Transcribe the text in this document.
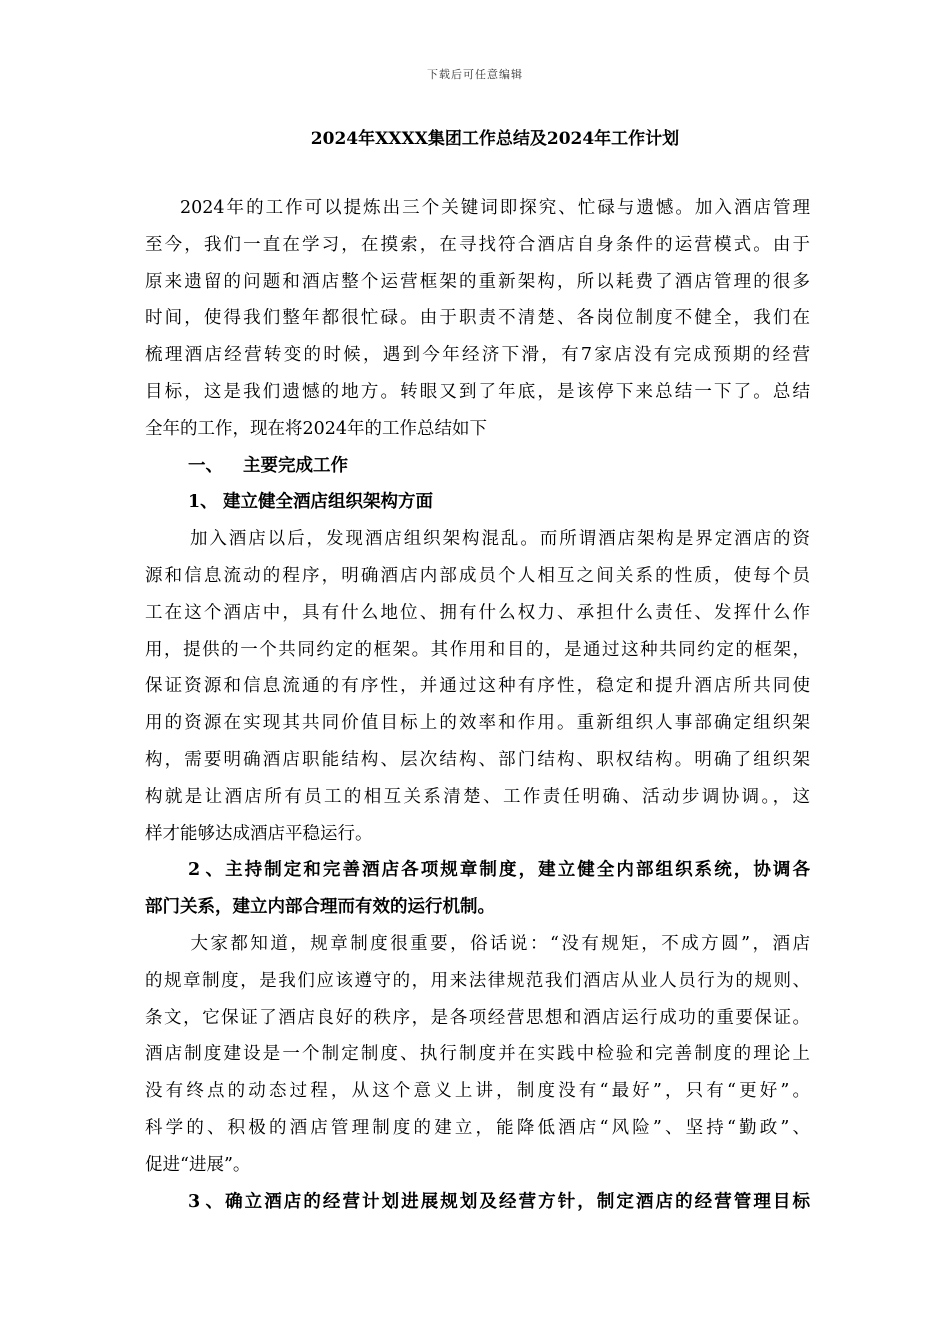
下载后可任意编辑
2024年XXXX集团工作总结及2024年工作计划
2024年的工作可以提炼出三个关键词即探究、忙碌与遗憾。加入酒店管理
至今，我们一直在学习，在摸索，在寻找符合酒店自身条件的运营模式。由于
原来遗留的问题和酒店整个运营框架的重新架构，所以耗费了酒店管理的很多
时间，使得我们整年都很忙碌。由于职责不清楚、各岗位制度不健全，我们在
梳理酒店经营转变的时候，遇到今年经济下滑，有7家店没有完成预期的经营
目标，这是我们遗憾的地方。转眼又到了年底，是该停下来总结一下了。总结
全年的工作，现在将2024年的工作总结如下
一、 主要完成工作
1、 建立健全酒店组织架构方面
加入酒店以后，发现酒店组织架构混乱。而所谓酒店架构是界定酒店的资
源和信息流动的程序，明确酒店内部成员个人相互之间关系的性质，使每个员
工在这个酒店中，具有什么地位、拥有什么权力、承担什么责任、发挥什么作
用，提供的一个共同约定的框架。其作用和目的，是通过这种共同约定的框架，
保证资源和信息流通的有序性，并通过这种有序性，稳定和提升酒店所共同使
用的资源在实现其共同价值目标上的效率和作用。重新组织人事部确定组织架
构，需要明确酒店职能结构、层次结构、部门结构、职权结构。明确了组织架
构就是让酒店所有员工的相互关系清楚、工作责任明确、活动步调协调。，这
样才能够达成酒店平稳运行。
2、主持制定和完善酒店各项规章制度，建立健全内部组织系统，协调各
部门关系，建立内部合理而有效的运行机制。
大家都知道，规章制度很重要，俗话说：“没有规矩，不成方圆”，酒店
的规章制度，是我们应该遵守的，用来法律规范我们酒店从业人员行为的规则、
条文，它保证了酒店良好的秩序，是各项经营思想和酒店运行成功的重要保证。
酒店制度建设是一个制定制度、执行制度并在实践中检验和完善制度的理论上
没有终点的动态过程，从这个意义上讲，制度没有“最好”，只有“更好”。
科学的、积极的酒店管理制度的建立，能降低酒店“风险”、坚持“勤政”、
促进“进展”。
3、确立酒店的经营计划进展规划及经营方针，制定酒店的经营管理目标
